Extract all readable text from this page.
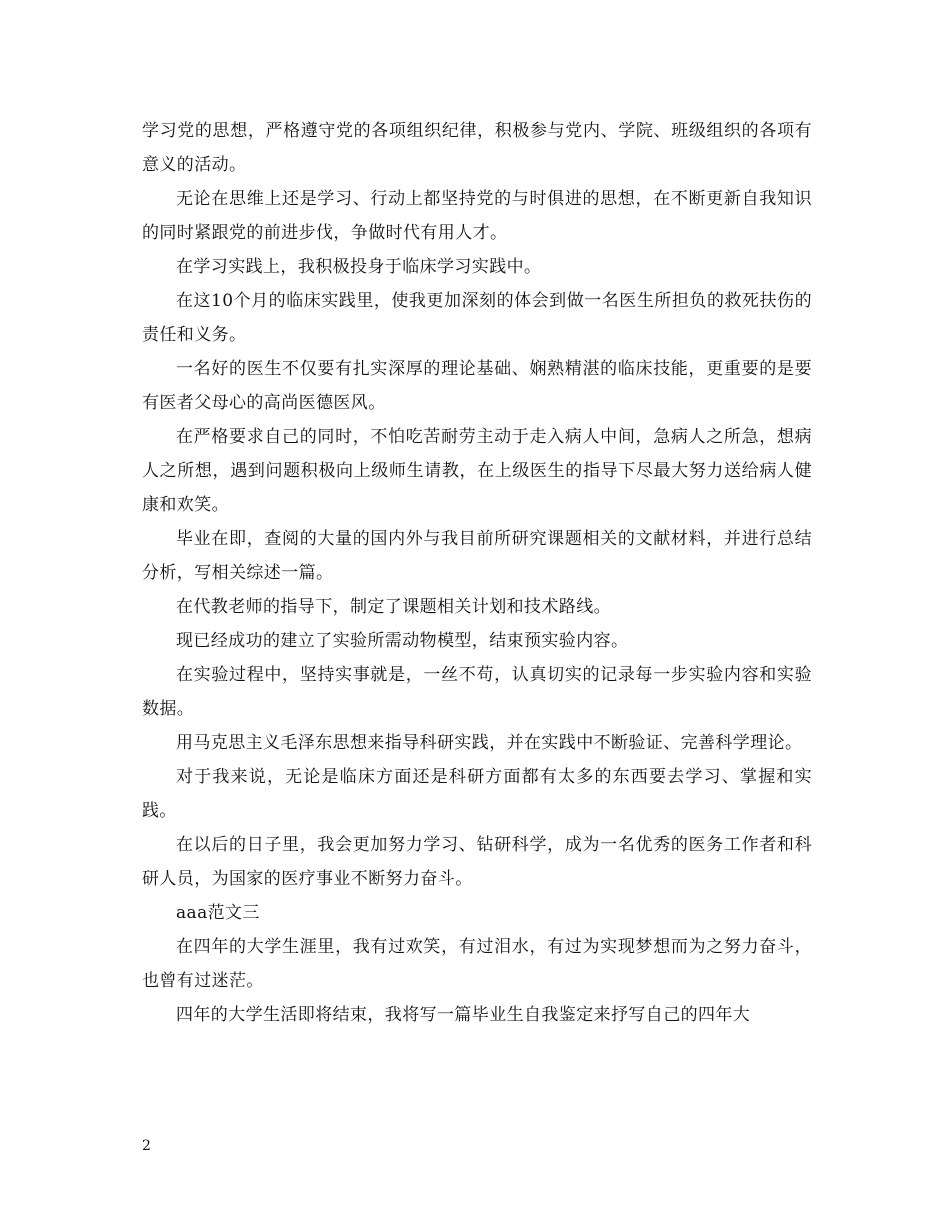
学习党的思想，严格遵守党的各项组织纪律，积极参与党内、学院、班级组织的各项有意义的活动。

无论在思维上还是学习、行动上都坚持党的与时俱进的思想，在不断更新自我知识的同时紧跟党的前进步伐，争做时代有用人才。

在学习实践上，我积极投身于临床学习实践中。

在这10个月的临床实践里，使我更加深刻的体会到做一名医生所担负的救死扶伤的责任和义务。

一名好的医生不仅要有扎实深厚的理论基础、娴熟精湛的临床技能，更重要的是要有医者父母心的高尚医德医风。

在严格要求自己的同时，不怕吃苦耐劳主动于走入病人中间，急病人之所急，想病人之所想，遇到问题积极向上级师生请教，在上级医生的指导下尽最大努力送给病人健康和欢笑。

毕业在即，查阅的大量的国内外与我目前所研究课题相关的文献材料，并进行总结分析，写相关综述一篇。

在代教老师的指导下，制定了课题相关计划和技术路线。

现已经成功的建立了实验所需动物模型，结束预实验内容。

在实验过程中，坚持实事就是，一丝不苟，认真切实的记录每一步实验内容和实验数据。

用马克思主义毛泽东思想来指导科研实践，并在实践中不断验证、完善科学理论。

对于我来说，无论是临床方面还是科研方面都有太多的东西要去学习、掌握和实践。

在以后的日子里，我会更加努力学习、钻研科学，成为一名优秀的医务工作者和科研人员，为国家的医疗事业不断努力奋斗。

aaa范文三

在四年的大学生涯里，我有过欢笑，有过泪水，有过为实现梦想而为之努力奋斗，也曾有过迷茫。

四年的大学生活即将结束，我将写一篇毕业生自我鉴定来抒写自己的四年大

2
